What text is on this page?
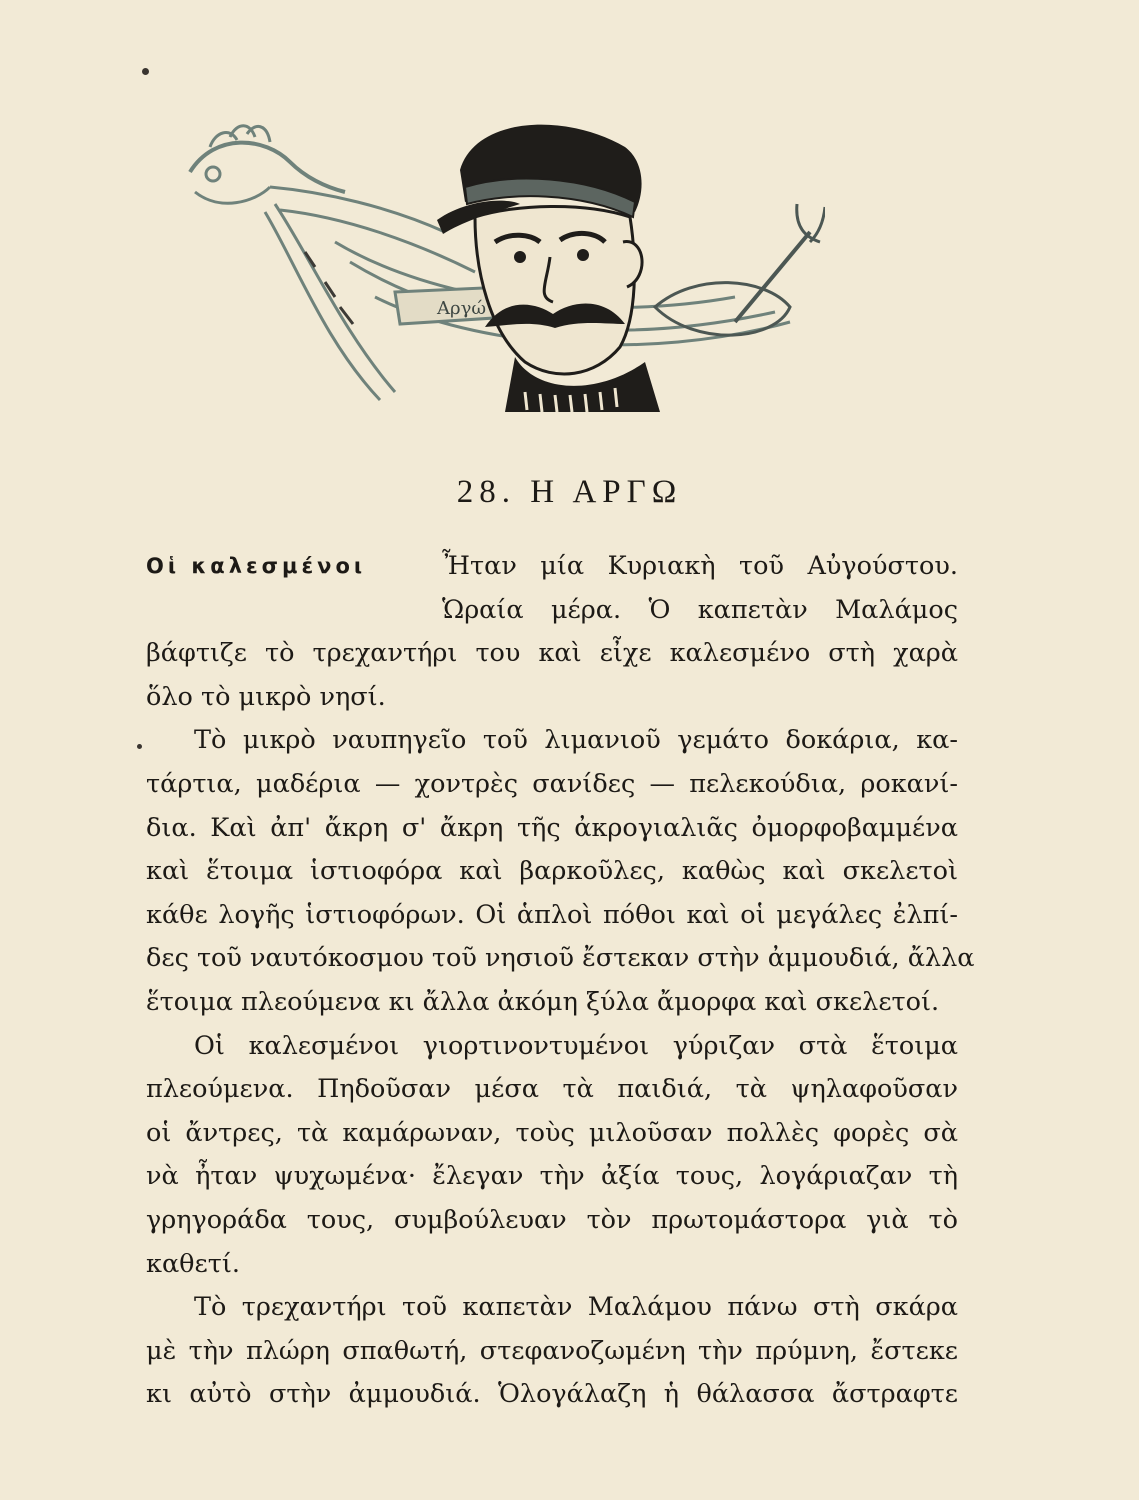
Αργώ
28. Η ΑΡΓΩ
Οἱ καλεσμένοι	Ἦταν μία Κυριακὴ τοῦ Αὐγούστου.
Ὡραία μέρα. Ὁ καπετὰν Μαλάμος
βάφτιζε τὸ τρεχαντήρι του καὶ εἶχε καλεσμένο στὴ χαρὰ
ὅλο τὸ μικρὸ νησί.
Τὸ μικρὸ ναυπηγεῖο τοῦ λιμανιοῦ γεμάτο δοκάρια, κα-
τάρτια, μαδέρια — χοντρὲς σανίδες — πελεκούδια, ροκανί-
δια. Καὶ ἀπ' ἄκρη σ' ἄκρη τῆς ἀκρογιαλιᾶς ὀμορφοβαμμένα
καὶ ἕτοιμα ἱστιοφόρα καὶ βαρκοῦλες, καθὼς καὶ σκελετοὶ
κάθε λογῆς ἱστιοφόρων. Οἱ ἁπλοὶ πόθοι καὶ οἱ μεγάλες ἐλπί-
δες τοῦ ναυτόκοσμου τοῦ νησιοῦ ἔστεκαν στὴν ἀμμουδιά, ἄλλα
ἕτοιμα πλεούμενα κι ἄλλα ἀκόμη ξύλα ἄμορφα καὶ σκελετοί.
Οἱ καλεσμένοι γιορτινοντυμένοι γύριζαν στὰ ἕτοιμα
πλεούμενα. Πηδοῦσαν μέσα τὰ παιδιά, τὰ ψηλαφοῦσαν
οἱ ἄντρες, τὰ καμάρωναν, τοὺς μιλοῦσαν πολλὲς φορὲς σὰ
νὰ ἦταν ψυχωμένα· ἔλεγαν τὴν ἀξία τους, λογάριαζαν τὴ
γρηγοράδα τους, συμβούλευαν τὸν πρωτομάστορα γιὰ τὸ
καθετί.
Τὸ τρεχαντήρι τοῦ καπετὰν Μαλάμου πάνω στὴ σκάρα
μὲ τὴν πλώρη σπαθωτή, στεφανοζωμένη τὴν πρύμνη, ἔστεκε
κι αὐτὸ στὴν ἀμμουδιά. Ὁλογάλαζη ἡ θάλασσα ἄστραφτε
